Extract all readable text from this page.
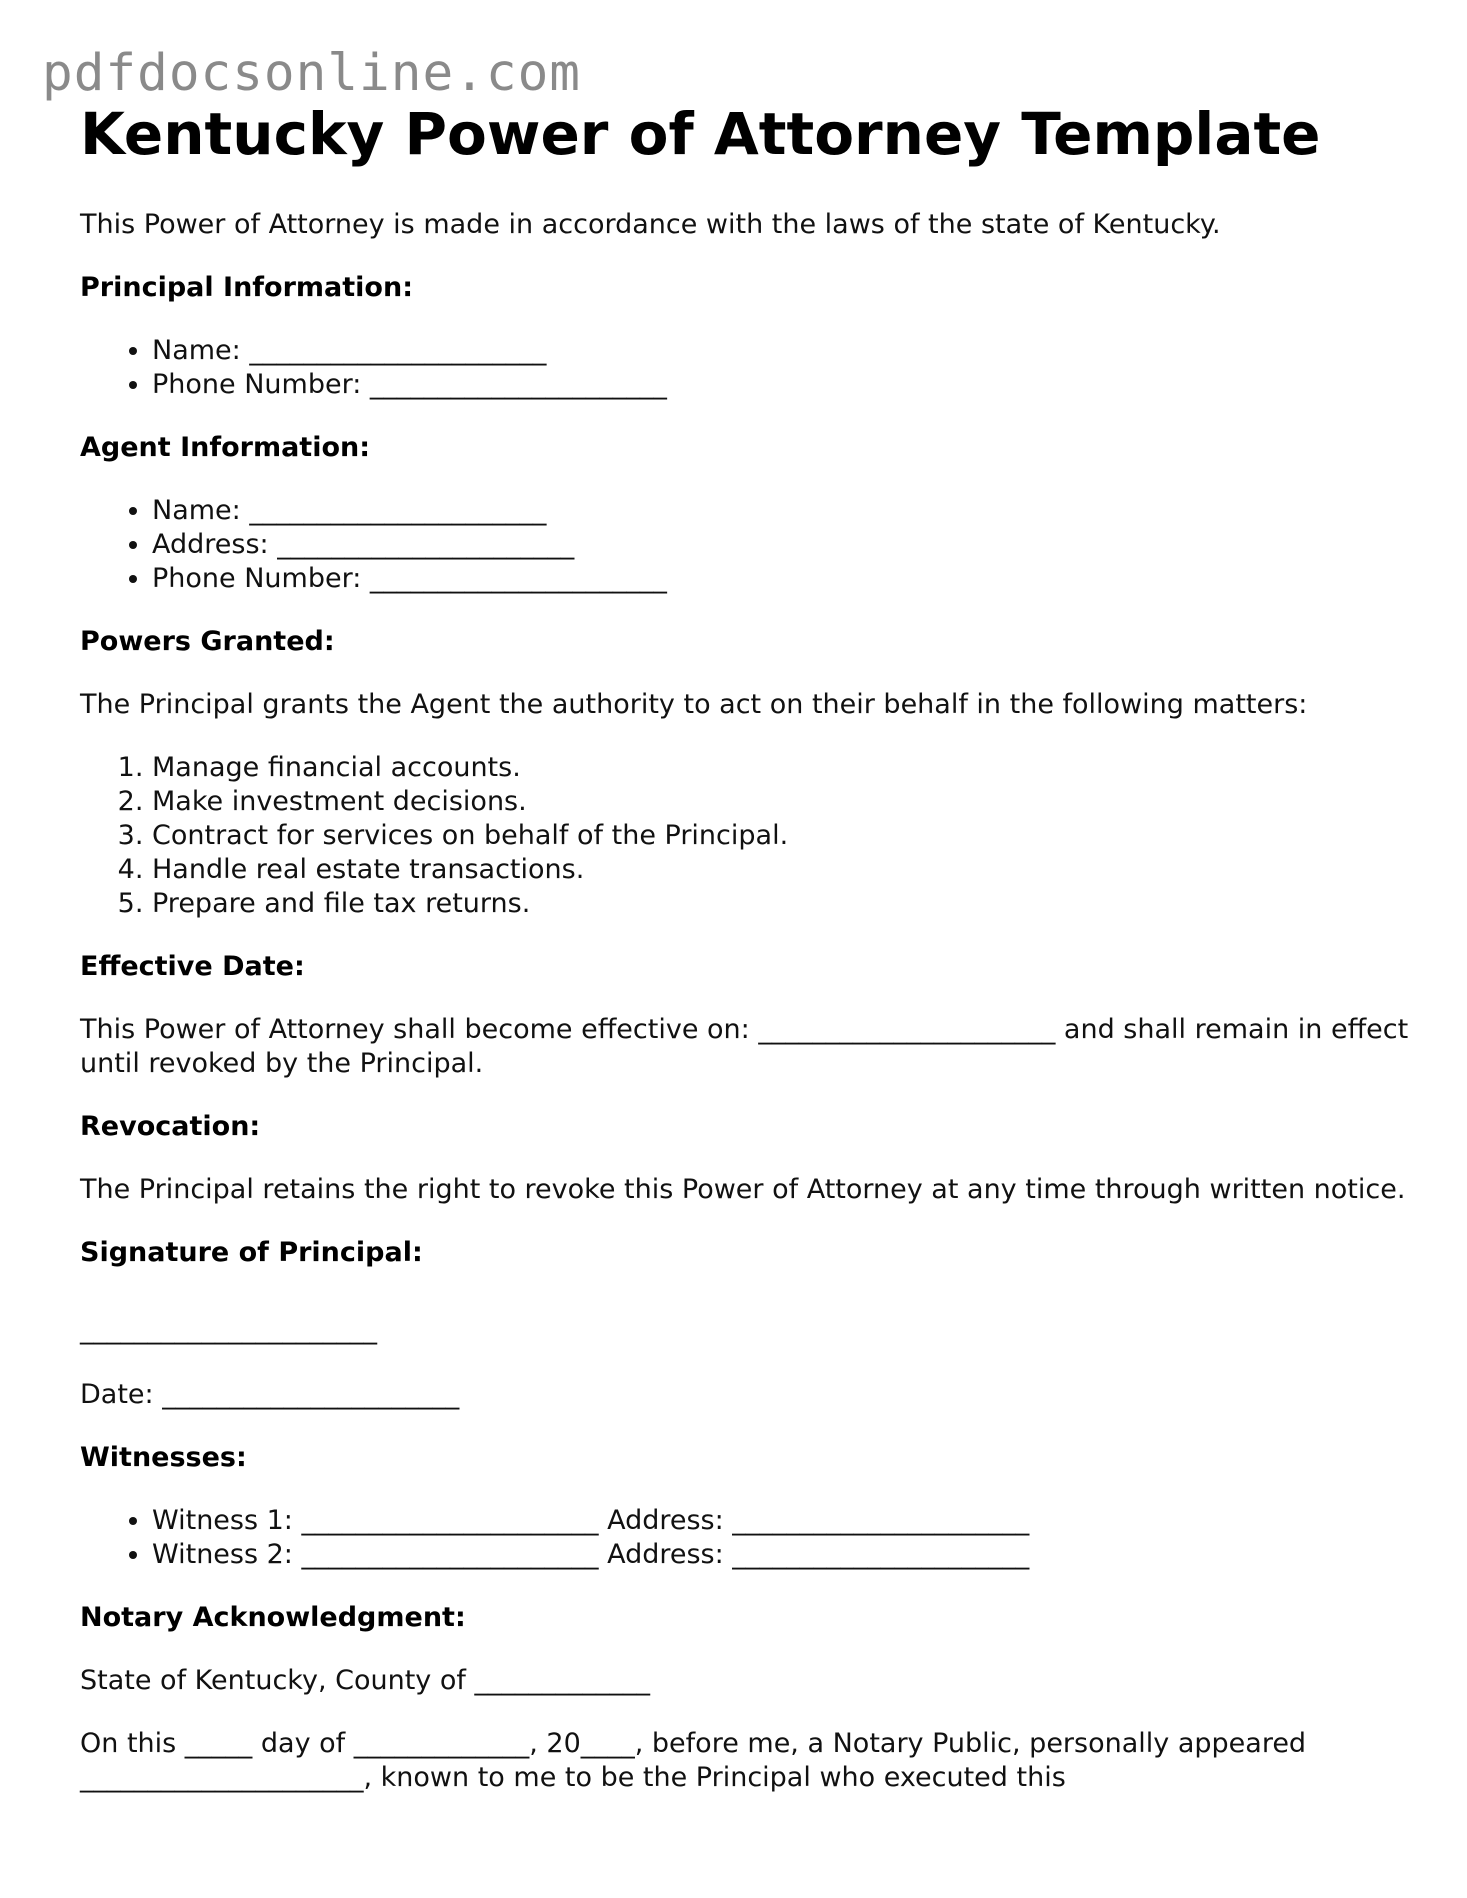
pdfdocsonline.com
Kentucky Power of Attorney Template

This Power of Attorney is made in accordance with the laws of the state of Kentucky.

Principal Information:
• Name: ______________________
• Phone Number: ______________________
Agent Information:
• Name: ______________________
• Address: ______________________
• Phone Number: ______________________
Powers Granted:

The Principal grants the Agent the authority to act on their behalf in the following matters:

1. Manage financial accounts.
2. Make investment decisions.
3. Contract for services on behalf of the Principal.
4. Handle real estate transactions.
5. Prepare and file tax returns.
Effective Date:

This Power of Attorney shall become effective on: ______________________ and shall remain in effect until revoked by the Principal.

Revocation:

The Principal retains the right to revoke this Power of Attorney at any time through written notice.

Signature of Principal:

______________________

Date: ______________________

Witnesses:
• Witness 1: ______________________ Address: ______________________
• Witness 2: ______________________ Address: ______________________
Notary Acknowledgment:

State of Kentucky, County of _____________

On this _____ day of _____________, 20____, before me, a Notary Public, personally appeared _____________________, known to me to be the Principal who executed this
